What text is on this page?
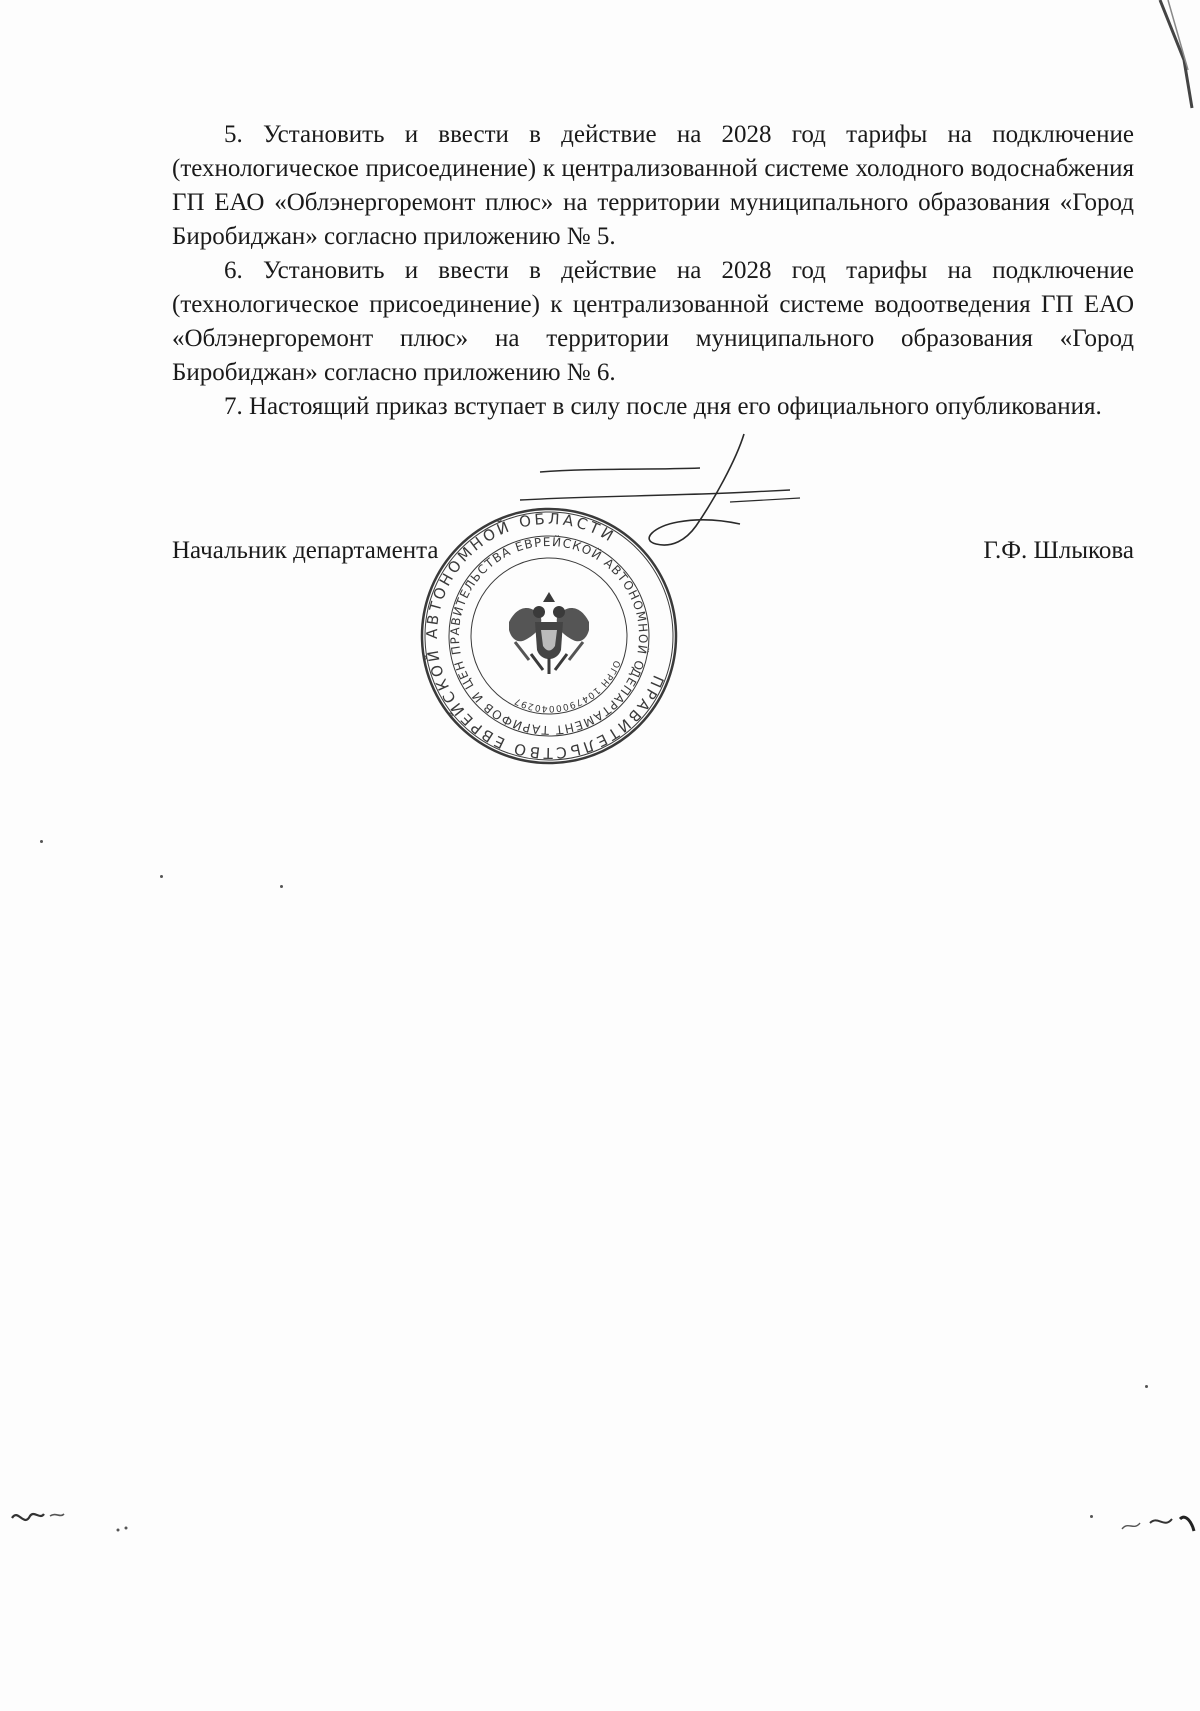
5. Установить и ввести в действие на 2028 год тарифы на подключение (технологическое присоединение) к централизованной системе холодного водоснабжения ГП ЕАО «Облэнергоремонт плюс» на территории муниципального образования «Город Биробиджан» согласно приложению № 5.

6. Установить и ввести в действие на 2028 год тарифы на подключение (технологическое присоединение) к централизованной системе водоотведения ГП ЕАО «Облэнергоремонт плюс» на территории муниципального образования «Город Биробиджан» согласно приложению № 6.

7. Настоящий приказ вступает в силу после дня его официального опубликования.

Начальник департамента	Г.Ф. Шлыкова
ПРАВИТЕЛЬСТВО ЕВРЕЙСКОЙ АВТОНОМНОЙ ОБЛАСТИ
ДЕПАРТАМЕНТ ТАРИФОВ И ЦЕН ПРАВИТЕЛЬСТВА ЕВРЕЙСКОЙ АВТОНОМНОЙ ОБЛАСТИ
ОГРН 1047900040297
